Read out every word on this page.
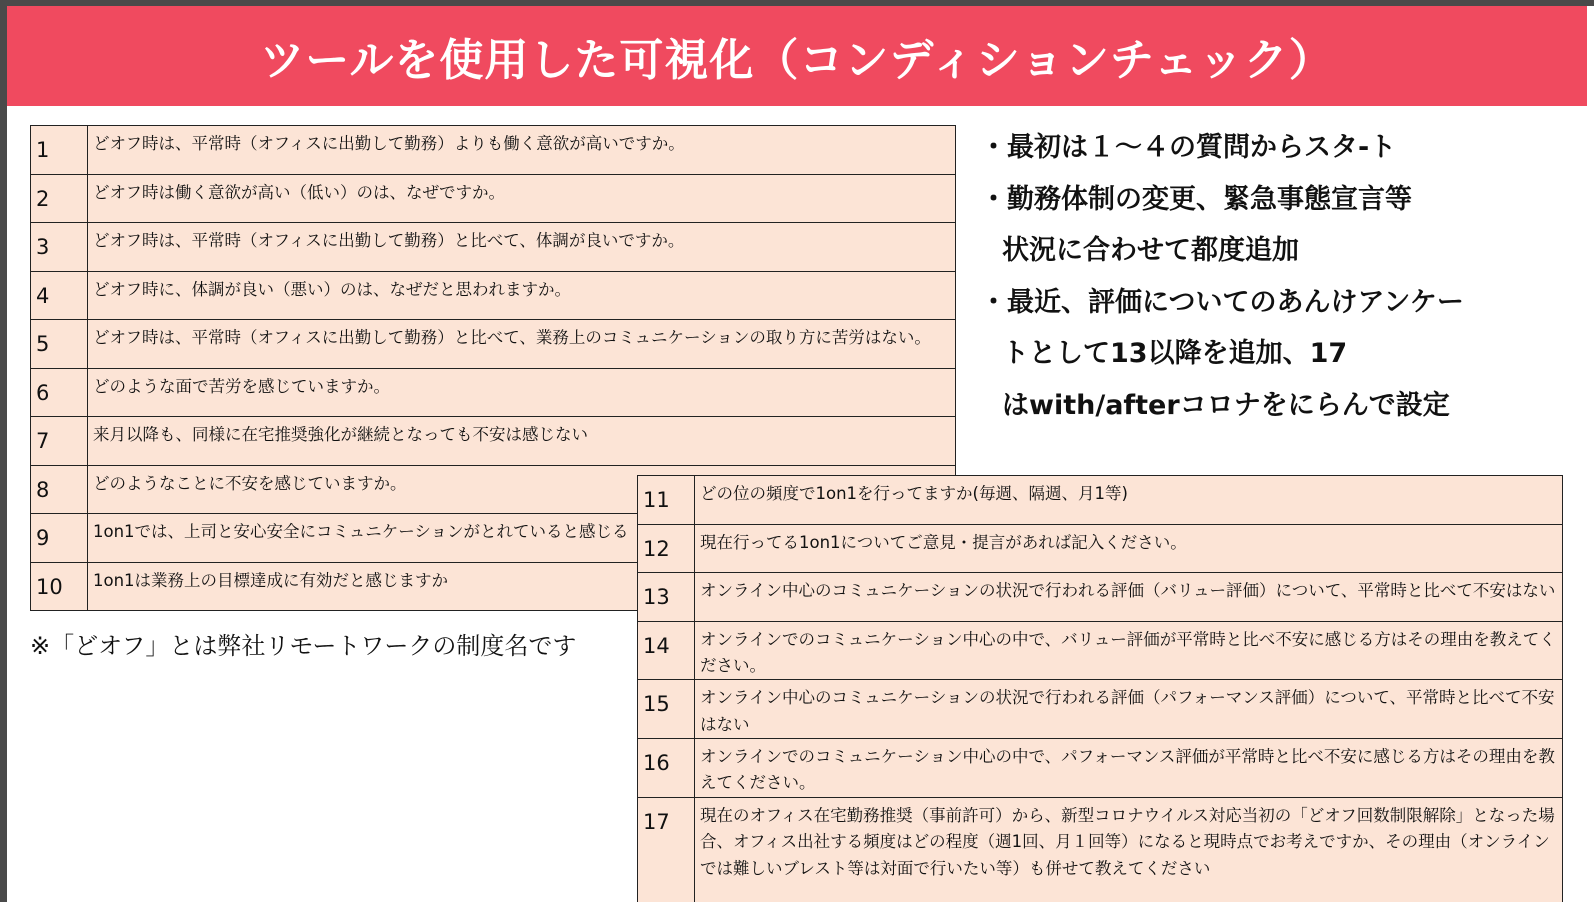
ツールを使用した可視化（コンディションチェック）
1	どオフ時は、平常時（オフィスに出勤して勤務）よりも働く意欲が高いですか。

2	どオフ時は働く意欲が高い（低い）のは、なぜですか。

3	どオフ時は、平常時（オフィスに出勤して勤務）と比べて、体調が良いですか。

4	どオフ時に、体調が良い（悪い）のは、なぜだと思われますか。

5	どオフ時は、平常時（オフィスに出勤して勤務）と比べて、業務上のコミュニケーションの取り方に苦労はない。

6	どのような面で苦労を感じていますか。

7	来月以降も、同様に在宅推奨強化が継続となっても不安は感じない

8	どのようなことに不安を感じていますか。

9	1on1では、上司と安心安全にコミュニケーションがとれていると感じる

10	1on1は業務上の目標達成に有効だと感じますか
※「どオフ」とは弊社リモートワークの制度名です
・最初は１～４の質問からスタ-ト
・勤務体制の変更、緊急事態宣言等
状況に合わせて都度追加
・最近、評価についてのあんけアンケー
トとして13以降を追加、17
はwith/afterコロナをにらんで設定
11	どの位の頻度で1on1を行ってますか(毎週、隔週、月1等)

12	現在行ってる1on1についてご意見・提言があれば記入ください。

13	オンライン中心のコミュニケーションの状況で行われる評価（バリュー評価）について、平常時と比べて不安はない

14	オンラインでのコミュニケーション中心の中で、バリュー評価が平常時と比べ不安に感じる方はその理由を教えてください。

15	オンライン中心のコミュニケーションの状況で行われる評価（パフォーマンス評価）について、平常時と比べて不安はない

16	オンラインでのコミュニケーション中心の中で、パフォーマンス評価が平常時と比べ不安に感じる方はその理由を教えてください。

17	現在のオフィス在宅勤務推奨（事前許可）から、新型コロナウイルス対応当初の「どオフ回数制限解除」となった場合、オフィス出社する頻度はどの程度（週1回、月１回等）になると現時点でお考えですか、その理由（オンラインでは難しいブレスト等は対面で行いたい等）も併せて教えてください
